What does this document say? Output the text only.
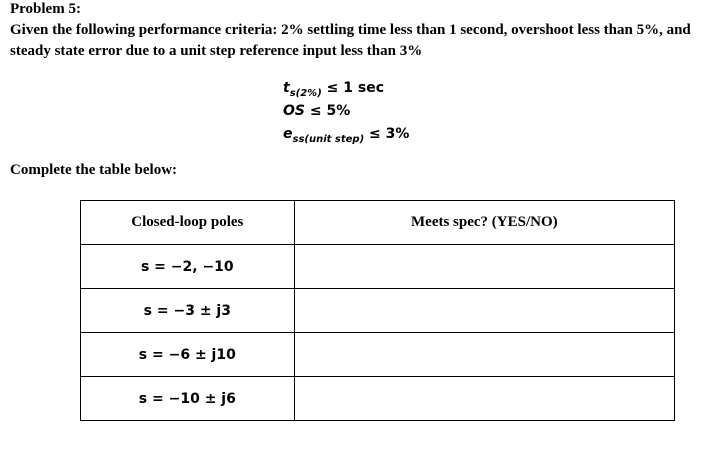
Problem 5:

Given the following performance criteria: 2% settling time less than 1 second, overshoot less than 5%, and steady state error due to a unit step reference input less than 3%

$t_{s(2\%)} \le 1$ sec
OS ≤ 5%
$e_{ss(unit step)} \le 3\%$
Complete the table below:
Closed-loop poles	Meets spec? (YES/NO)
s = −2, −10	
s = −3 ± j3	
s = −6 ± j10	
s = −10 ± j6	
